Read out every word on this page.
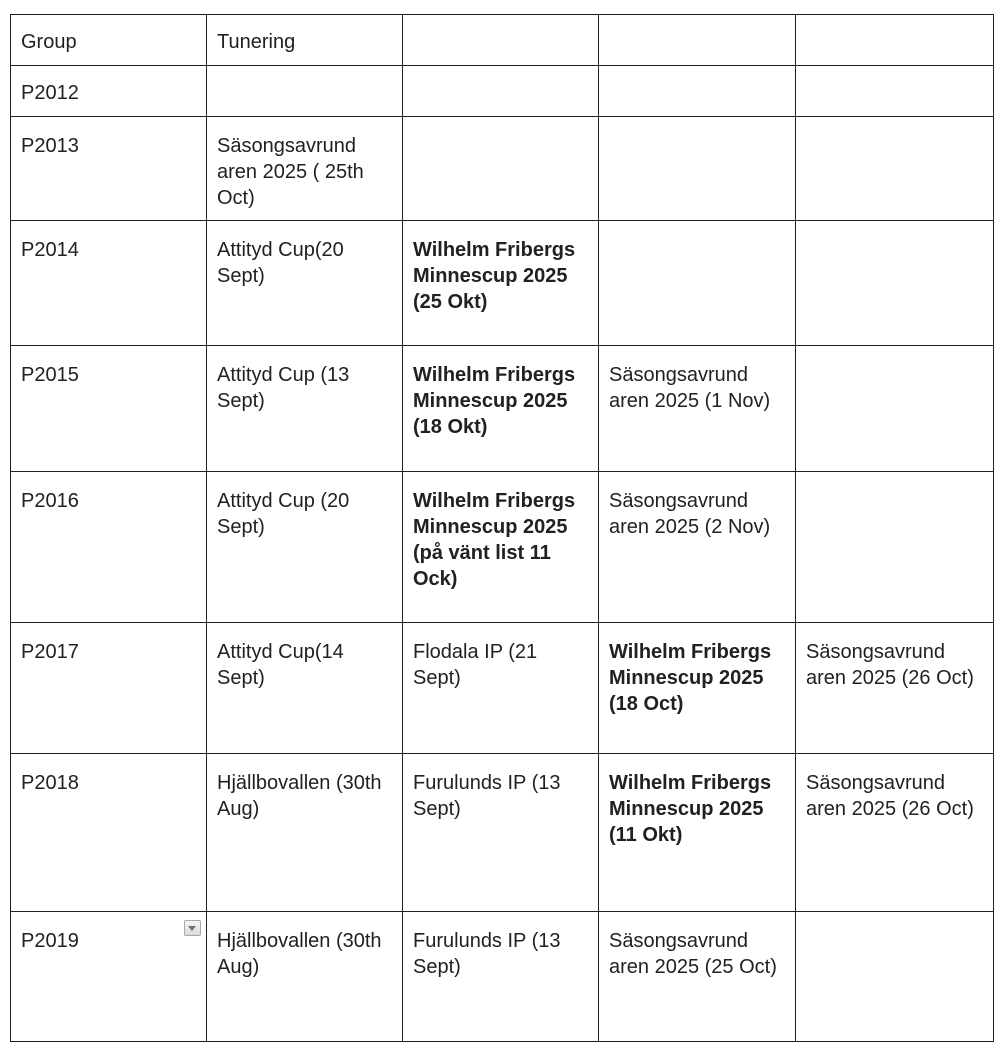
Group	Tunering			

P2012				

P2013	Säsongsavrund aren 2025 ( 25th Oct)			

P2014	Attityd Cup(20 Sept)	Wilhelm Fribergs Minnescup 2025 (25 Okt)		

P2015	Attityd Cup (13 Sept)	Wilhelm Fribergs Minnescup 2025 (18 Okt)	Säsongsavrund aren 2025 (1 Nov)	

P2016	Attityd Cup (20 Sept)	Wilhelm Fribergs Minnescup 2025 (på vänt list 11 Ock)	Säsongsavrund aren 2025 (2 Nov)	

P2017	Attityd Cup(14 Sept)	Flodala IP (21 Sept)	Wilhelm Fribergs Minnescup 2025 (18 Oct)	Säsongsavrund aren 2025 (26 Oct)

P2018	Hjällbovallen (30th Aug)	Furulunds IP (13 Sept)	Wilhelm Fribergs Minnescup 2025 (11 Okt)	Säsongsavrund aren 2025 (26 Oct)

P2019	Hjällbovallen (30th Aug)	Furulunds IP (13 Sept)	Säsongsavrund aren 2025 (25 Oct)	
